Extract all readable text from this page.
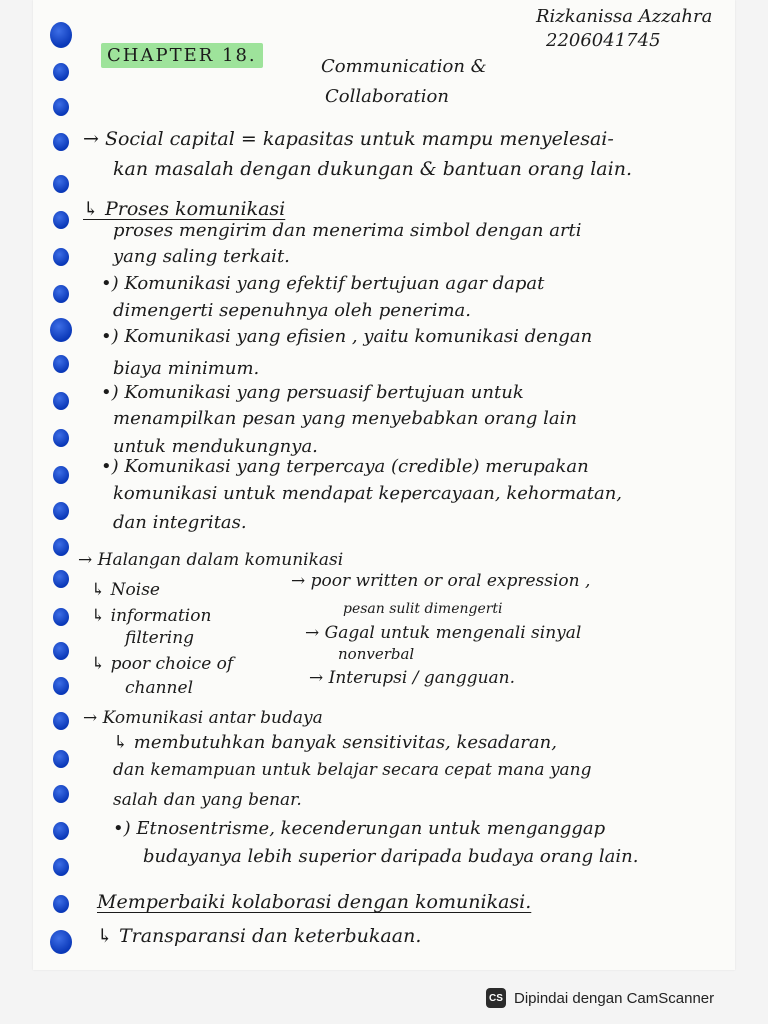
Rizkanissa Azzahra
2206041745
CHAPTER 18.
Communication &
Collaboration
→ Social capital = kapasitas untuk mampu menyelesai-
kan masalah dengan dukungan & bantuan orang lain.
↳ Proses komunikasi
proses mengirim dan menerima simbol dengan arti
yang saling terkait.
•) Komunikasi yang efektif bertujuan agar dapat
dimengerti sepenuhnya oleh penerima.
•) Komunikasi yang efisien , yaitu komunikasi dengan
biaya minimum.
•) Komunikasi yang persuasif bertujuan untuk
menampilkan pesan yang menyebabkan orang lain
untuk mendukungnya.
•) Komunikasi yang terpercaya (credible) merupakan
komunikasi untuk mendapat kepercayaan, kehormatan,
dan integritas.
→ Halangan dalam komunikasi
↳ Noise	→ poor written or oral expression ,
↳ information	pesan sulit dimengerti
filtering	→ Gagal untuk mengenali sinyal
nonverbal
↳ poor choice of
channel	→ Interupsi / gangguan.
→ Komunikasi antar budaya
↳ membutuhkan banyak sensitivitas, kesadaran,
dan kemampuan untuk belajar secara cepat mana yang
salah dan yang benar.
•) Etnosentrisme, kecenderungan untuk menganggap
budayanya lebih superior daripada budaya orang lain.
Memperbaiki kolaborasi dengan komunikasi.
↳ Transparansi dan keterbukaan.
CS Dipindai dengan CamScanner
